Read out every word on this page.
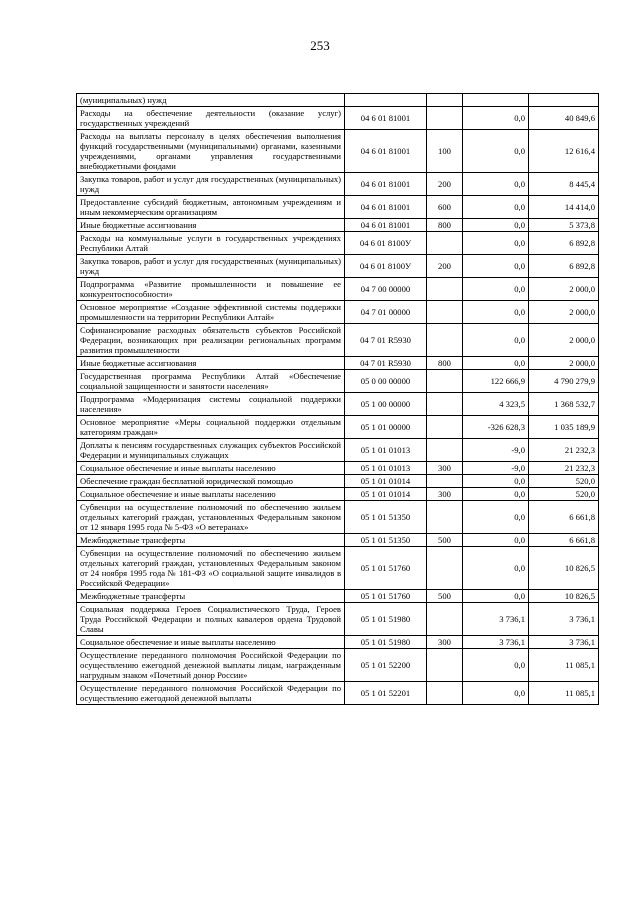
253
(муниципальных) нужд				
Расходы на обеспечение деятельности (оказание услуг) государственных учреждений	04 6 01 81001		0,0	40 849,6
Расходы на выплаты персоналу в целях обеспечения выполнения функций государственными (муниципальными) органами, казенными учреждениями, органами управления государственными внебюджетными фондами	04 6 01 81001	100	0,0	12 616,4
Закупка товаров, работ и услуг для государственных (муниципальных) нужд	04 6 01 81001	200	0,0	8 445,4
Предоставление субсидий бюджетным, автономным учреждениям и иным некоммерческим организациям	04 6 01 81001	600	0,0	14 414,0
Иные бюджетные ассигнования	04 6 01 81001	800	0,0	5 373,8
Расходы на коммунальные услуги в государственных учреждениях Республики Алтай	04 6 01 8100У		0,0	6 892,8
Закупка товаров, работ и услуг для государственных (муниципальных) нужд	04 6 01 8100У	200	0,0	6 892,8
Подпрограмма «Развитие промышленности и повышение ее конкурентоспособности»	04 7 00 00000		0,0	2 000,0
Основное мероприятие «Создание эффективной системы поддержки промышленности на территории Республики Алтай»	04 7 01 00000		0,0	2 000,0
Софинансирование расходных обязательств субъектов Российской Федерации, возникающих при реализации региональных программ развития промышленности	04 7 01 R5930		0,0	2 000,0
Иные бюджетные ассигнования	04 7 01 R5930	800	0,0	2 000,0
Государственная программа Республики Алтай «Обеспечение социальной защищенности и занятости населения»	05 0 00 00000		122 666,9	4 790 279,9
Подпрограмма «Модернизация системы социальной поддержки населения»	05 1 00 00000		4 323,5	1 368 532,7
Основное мероприятие «Меры социальной поддержки отдельным категориям граждан»	05 1 01 00000		-326 628,3	1 035 189,9
Доплаты к пенсиям государственных служащих субъектов Российской Федерации и муниципальных служащих	05 1 01 01013		-9,0	21 232,3
Социальное обеспечение и иные выплаты населению	05 1 01 01013	300	-9,0	21 232,3
Обеспечение граждан бесплатной юридической помощью	05 1 01 01014		0,0	520,0
Социальное обеспечение и иные выплаты населению	05 1 01 01014	300	0,0	520,0
Субвенции на осуществление полномочий по обеспечению жильем отдельных категорий граждан, установленных Федеральным законом от 12 января 1995 года № 5-ФЗ «О ветеранах»	05 1 01 51350		0,0	6 661,8
Межбюджетные трансферты	05 1 01 51350	500	0,0	6 661,8
Субвенции на осуществление полномочий по обеспечению жильем отдельных категорий граждан, установленных Федеральным законом от 24 ноября 1995 года № 181-ФЗ «О социальной защите инвалидов в Российской Федерации»	05 1 01 51760		0,0	10 826,5
Межбюджетные трансферты	05 1 01 51760	500	0,0	10 826,5
Социальная поддержка Героев Социалистического Труда, Героев Труда Российской Федерации и полных кавалеров ордена Трудовой Славы	05 1 01 51980		3 736,1	3 736,1
Социальное обеспечение и иные выплаты населению	05 1 01 51980	300	3 736,1	3 736,1
Осуществление переданного полномочия Российской Федерации по осуществлению ежегодной денежной выплаты лицам, награжденным нагрудным знаком «Почетный донор России»	05 1 01 52200		0,0	11 085,1
Осуществление переданного полномочия Российской Федерации по осуществлению ежегодной денежной выплаты	05 1 01 52201		0,0	11 085,1
